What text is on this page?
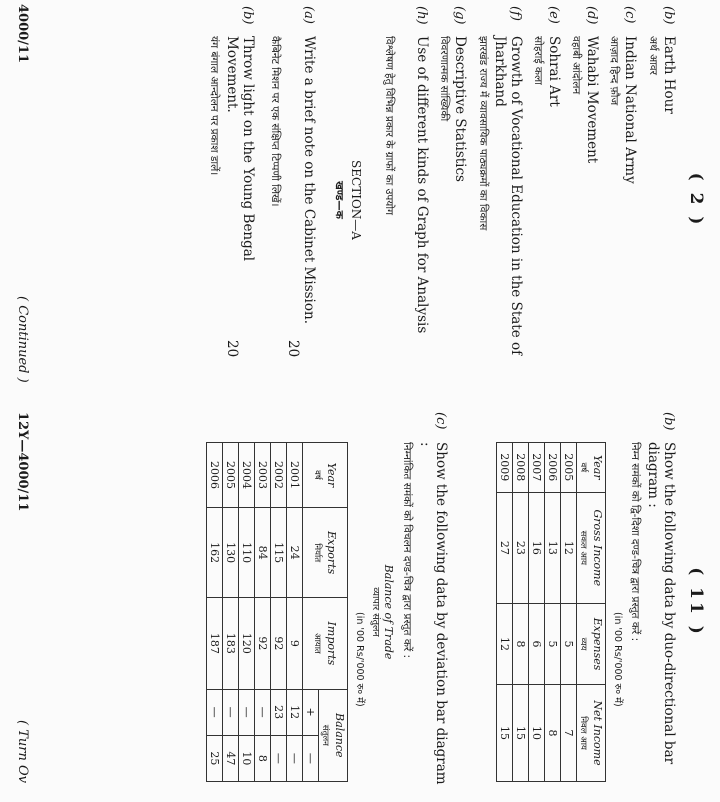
( 2 )
(b)
Earth Hour
अर्थ आवर
(c)
Indian National Army
आज़ाद हिन्द फ़ौज
(d)
Wahabi Movement
वहाबी आंदोलन
(e)
Sohrai Art
सोहराई कला
(f)
Growth of Vocational Education in the State of Jharkhand
झारखंड राज्य में व्यावसायिक पाठ्यक्रमों का विकास
(g)
Descriptive Statistics
विवरणात्मक सांख्यिकी
(h)
Use of different kinds of Graph for Analysis
विश्लेषण हेतु विभिन्न प्रकार के ग्राफों का उपयोग
SECTION—A
खण्ड—क
(a)
Write a brief note on the Cabinet Mission.
कैबिनेट मिशन पर एक संक्षिप्त टिप्पणी लिखें।
20
(b)
Throw light on the Young Bengal Movement.
यंग बंगाल आन्दोलन पर प्रकाश डालें।
20
4000/11
( Continued )
( 11 )
(b)
Show the following data by duo-directional bar diagram :
निम्न समंकों को द्वि-दिशा दण्ड-चित्र द्वारा प्रस्तुत करें :
(in '00 Rs/'000 रु० में)
Year
वर्ष	Gross Income
सकल आय	Expenses
व्यय	Net Income
निवल आय
2005	12	5	7
2006	13	5	8
2007	16	6	10
2008	23	8	15
2009	27	12	15
(c)
Show the following data by deviation bar diagram :
निम्नांकित समंकों को विचलन दण्ड-चित्र द्वारा प्रस्तुत करें :
Balance of Trade
व्यापार संतुलन
(in '00 Rs/'000 रु० में)
Year
वर्ष	Exports
निर्यात	Imports
आयात	Balance
संतुलन	
			+	—
2001	24	9	12	—
2002	115	92	23	—
2003	84	92	—	8
2004	110	120	—	10
2005	130	183	—	47
2006	162	187	—	25
12Y—4000/11
( Turn Ov
